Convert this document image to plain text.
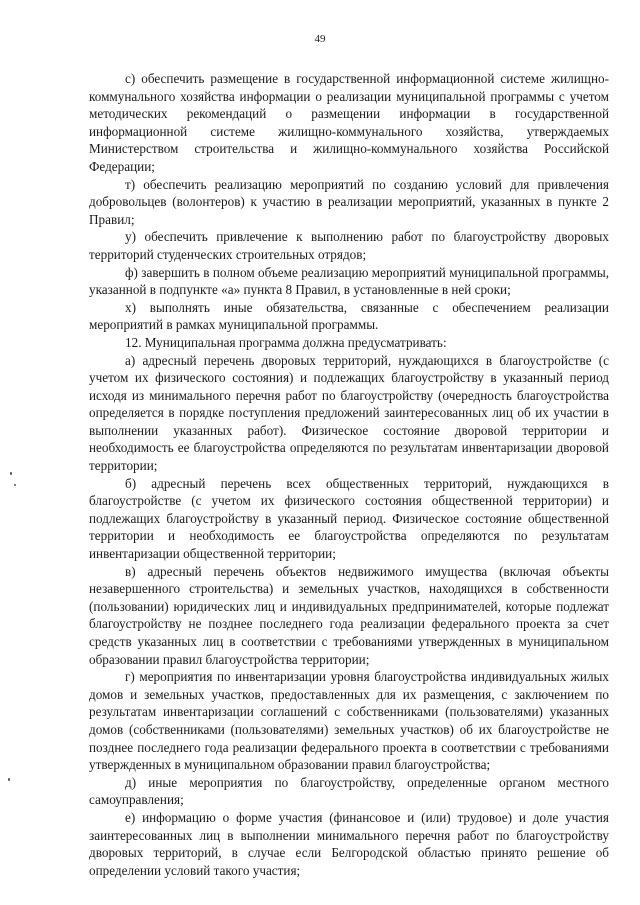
49

с) обеспечить размещение в государственной информационной системе жилищно-коммунального хозяйства информации о реализации муниципальной программы с учетом методических рекомендаций о размещении информации в государственной информационной системе жилищно-коммунального хозяйства, утверждаемых Министерством строительства и жилищно-коммунального хозяйства Российской Федерации;

т) обеспечить реализацию мероприятий по созданию условий для привлечения добровольцев (волонтеров) к участию в реализации мероприятий, указанных в пункте 2 Правил;

у) обеспечить привлечение к выполнению работ по благоустройству дворовых территорий студенческих строительных отрядов;

ф) завершить в полном объеме реализацию мероприятий муниципальной программы, указанной в подпункте «а» пункта 8 Правил, в установленные в ней сроки;

х) выполнять иные обязательства, связанные с обеспечением реализации мероприятий в рамках муниципальной программы.

12. Муниципальная программа должна предусматривать:

а) адресный перечень дворовых территорий, нуждающихся в благоустройстве (с учетом их физического состояния) и подлежащих благоустройству в указанный период исходя из минимального перечня работ по благоустройству (очередность благоустройства определяется в порядке поступления предложений заинтересованных лиц об их участии в выполнении указанных работ). Физическое состояние дворовой территории и необходимость ее благоустройства определяются по результатам инвентаризации дворовой территории;

б) адресный перечень всех общественных территорий, нуждающихся в благоустройстве (с учетом их физического состояния общественной территории) и подлежащих благоустройству в указанный период. Физическое состояние общественной территории и необходимость ее благоустройства определяются по результатам инвентаризации общественной территории;

в) адресный перечень объектов недвижимого имущества (включая объекты незавершенного строительства) и земельных участков, находящихся в собственности (пользовании) юридических лиц и индивидуальных предпринимателей, которые подлежат благоустройству не позднее последнего года реализации федерального проекта за счет средств указанных лиц в соответствии с требованиями утвержденных в муниципальном образовании правил благоустройства территории;

г) мероприятия по инвентаризации уровня благоустройства индивидуальных жилых домов и земельных участков, предоставленных для их размещения, с заключением по результатам инвентаризации соглашений с собственниками (пользователями) указанных домов (собственниками (пользователями) земельных участков) об их благоустройстве не позднее последнего года реализации федерального проекта в соответствии с требованиями утвержденных в муниципальном образовании правил благоустройства;

д) иные мероприятия по благоустройству, определенные органом местного самоуправления;

е) информацию о форме участия (финансовое и (или) трудовое) и доле участия заинтересованных лиц в выполнении минимального перечня работ по благоустройству дворовых территорий, в случае если Белгородской областью принято решение об определении условий такого участия;
